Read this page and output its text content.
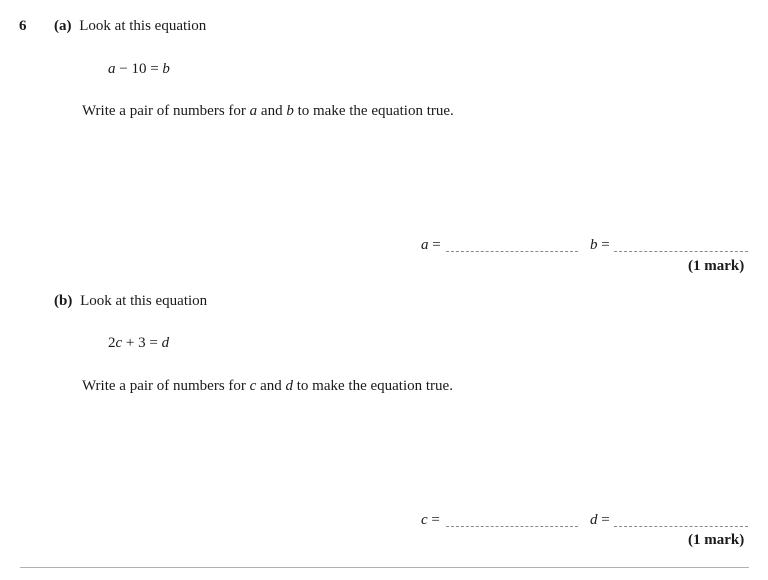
6 (a) Look at this equation
a − 10 = b
Write a pair of numbers for a and b to make the equation true.
a =	b =
(1 mark)
(b) Look at this equation
2c + 3 = d
Write a pair of numbers for c and d to make the equation true.
c =	d =
(1 mark)
